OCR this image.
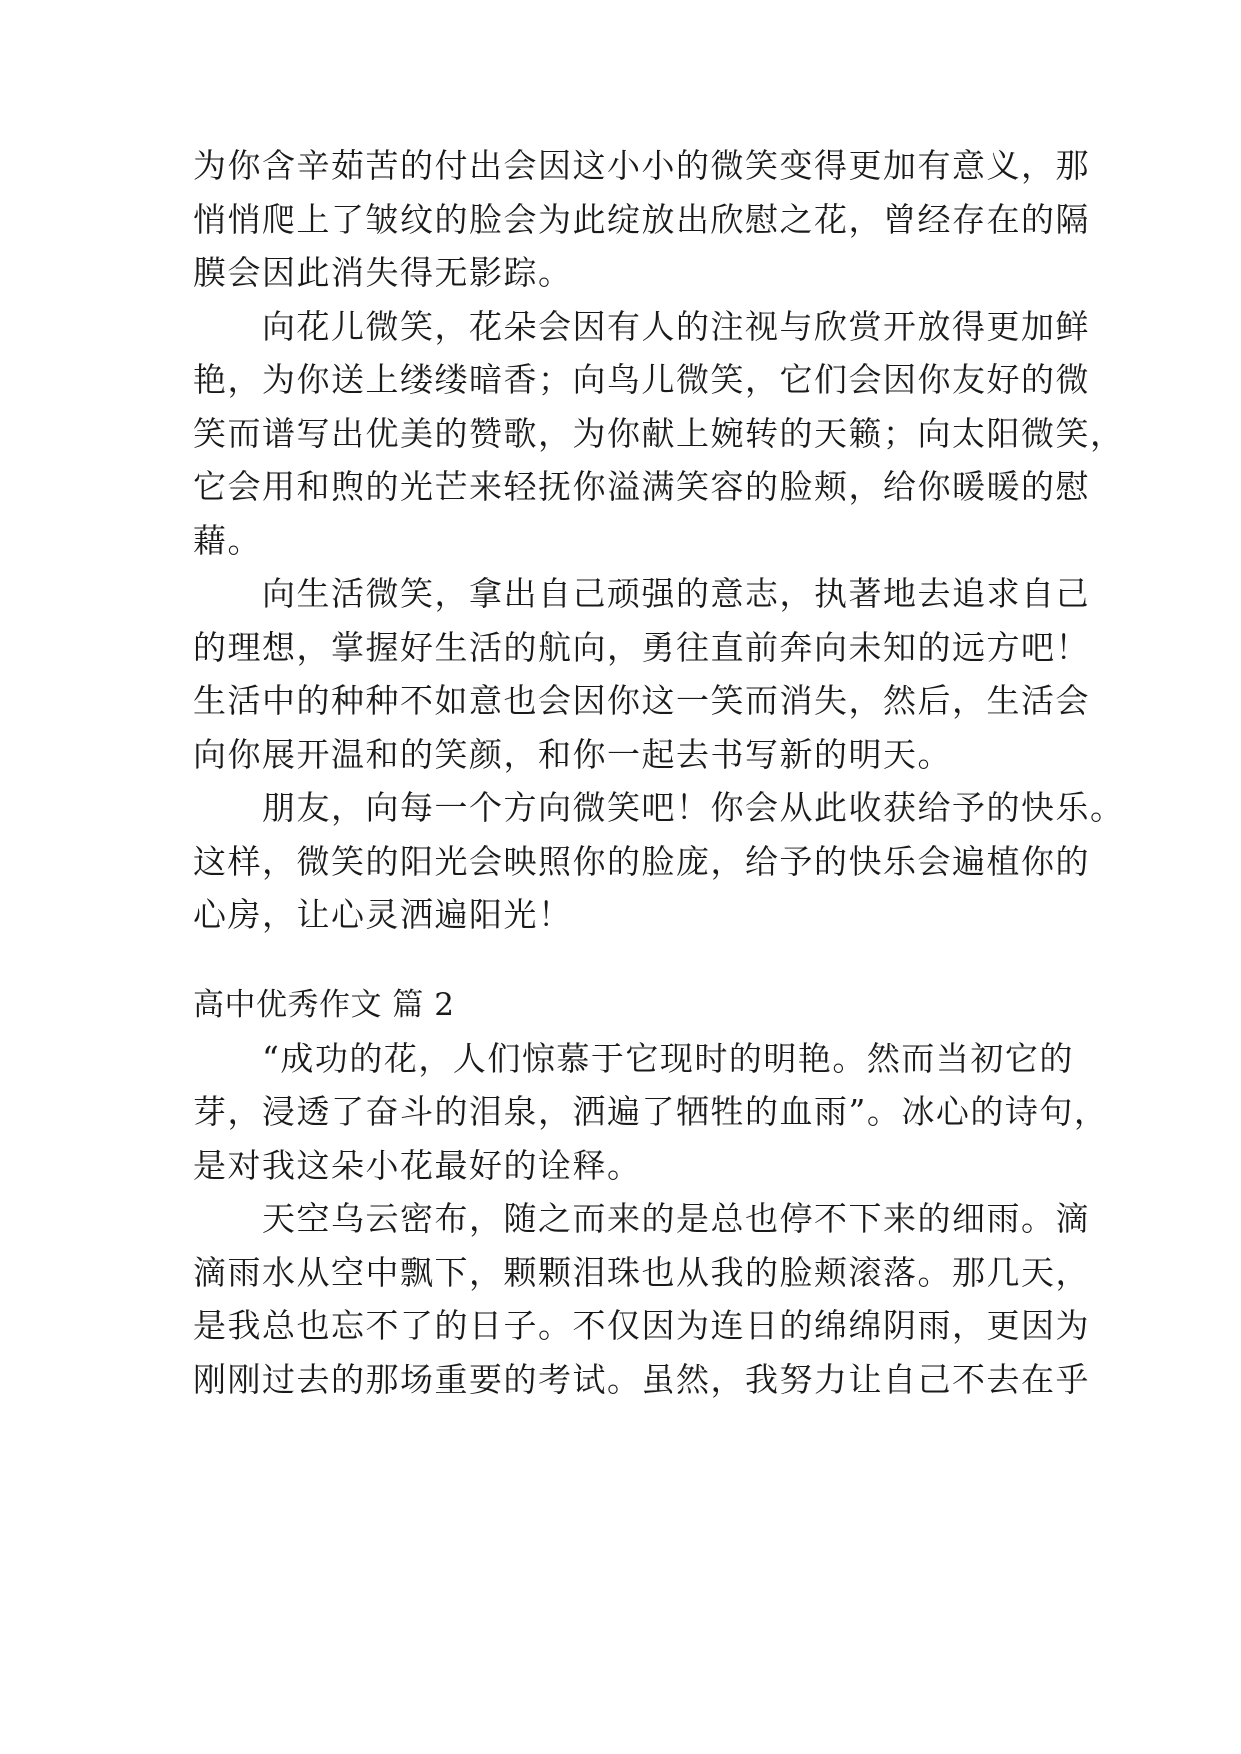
为你含辛茹苦的付出会因这小小的微笑变得更加有意义，那
悄悄爬上了皱纹的脸会为此绽放出欣慰之花，曾经存在的隔
膜会因此消失得无影踪。
　　向花儿微笑，花朵会因有人的注视与欣赏开放得更加鲜
艳，为你送上缕缕暗香；向鸟儿微笑，它们会因你友好的微
笑而谱写出优美的赞歌，为你献上婉转的天籁；向太阳微笑，
它会用和煦的光芒来轻抚你溢满笑容的脸颊，给你暖暖的慰
藉。
　　向生活微笑，拿出自己顽强的意志，执著地去追求自己
的理想，掌握好生活的航向，勇往直前奔向未知的远方吧！
生活中的种种不如意也会因你这一笑而消失，然后，生活会
向你展开温和的笑颜，和你一起去书写新的明天。
　　朋友，向每一个方向微笑吧！你会从此收获给予的快乐。
这样，微笑的阳光会映照你的脸庞，给予的快乐会遍植你的
心房，让心灵洒遍阳光！
高中优秀作文 篇 2
　　“成功的花，人们惊慕于它现时的明艳。然而当初它的
芽，浸透了奋斗的泪泉，洒遍了牺牲的血雨”。冰心的诗句，
是对我这朵小花最好的诠释。
　　天空乌云密布，随之而来的是总也停不下来的细雨。滴
滴雨水从空中飘下，颗颗泪珠也从我的脸颊滚落。那几天，
是我总也忘不了的日子。不仅因为连日的绵绵阴雨，更因为
刚刚过去的那场重要的考试。虽然，我努力让自己不去在乎
